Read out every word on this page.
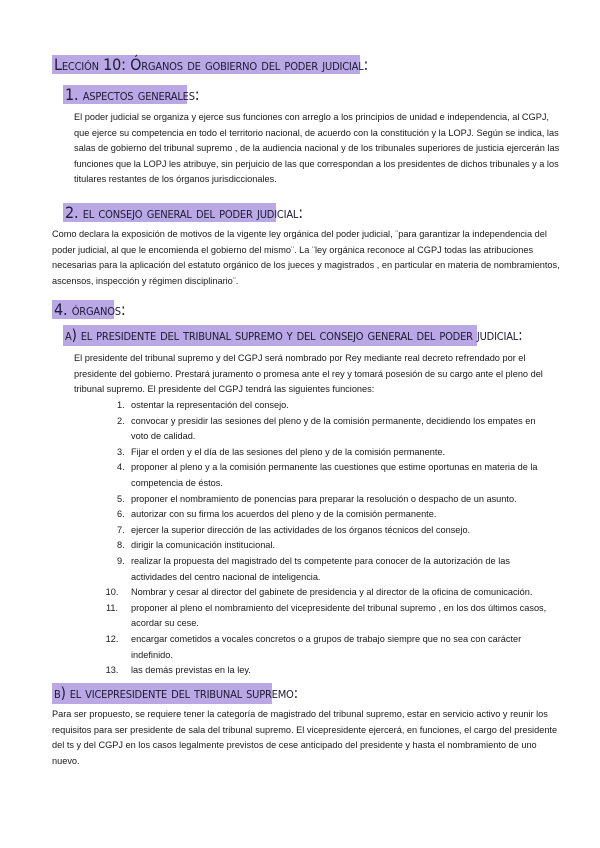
Lección 10: Órganos de gobierno del poder judicial:
1. aspectos generales:

El poder judicial se organiza y ejerce sus funciones con arreglo a los principios de unidad e independencia, al CGPJ, que ejerce su competencia en todo el territorio nacional, de acuerdo con la constitución y la LOPJ. Según se indica, las salas de gobierno del tribunal supremo , de la audiencia nacional y de los tribunales superiores de justicia ejercerán las funciones que la LOPJ les atribuye, sin perjuicio de las que correspondan a los presidentes de dichos tribunales y a los titulares restantes de los órganos jurisdiccionales.

2. el consejo general del poder judicial:

Como declara la exposición de motivos de la vigente ley orgánica del poder judicial, ¨para garantizar la independencia del poder judicial, al que le encomienda el gobierno del mismo¨. La ¨ley orgánica reconoce al CGPJ todas las atribuciones necesarias para la aplicación del estatuto orgánico de los jueces y magistrados , en particular en materia de nombramientos, ascensos, inspección y régimen disciplinario¨.

4. órganos:
a) el presidente del tribunal supremo y del consejo general del poder judicial:

El presidente del tribunal supremo y del CGPJ será nombrado por Rey mediante real decreto refrendado por el presidente del gobierno. Prestará juramento o promesa ante el rey y tomará posesión de su cargo ante el pleno del tribunal supremo. El presidente del CGPJ tendrá las siguientes funciones:

1. ostentar la representación del consejo.
2. convocar y presidir las sesiones del pleno y de la comisión permanente, decidiendo los empates en voto de calidad.
3. Fijar el orden y el día de las sesiones del pleno y de la comisión permanente.
4. proponer al pleno y a la comisión permanente las cuestiones que estime oportunas en materia de la competencia de éstos.
5. proponer el nombramiento de ponencias para preparar la resolución o despacho de un asunto.
6. autorizar con su firma los acuerdos del pleno y de la comisión permanente.
7. ejercer la superior dirección de las actividades de los órganos técnicos del consejo.
8. dirigir la comunicación institucional.
9. realizar la propuesta del magistrado del ts competente para conocer de la autorización de las actividades del centro nacional de inteligencia.
10.	Nombrar y cesar al director del gabinete de presidencia y al director de la oficina de comunicación.
11.	proponer al pleno el nombramiento del vicepresidente del tribunal supremo , en los dos últimos casos, acordar su cese.
12.	encargar cometidos a vocales concretos o a grupos de trabajo siempre que no sea con carácter indefinido.
13.	las demás previstas en la ley.
b) el vicepresidente del tribunal supremo:

Para ser propuesto, se requiere tener la categoría de magistrado del tribunal supremo, estar en servicio activo y reunir los requisitos para ser presidente de sala del tribunal supremo. El vicepresidente ejercerá, en funciones, el cargo del presidente del ts y del CGPJ en los casos legalmente previstos de cese anticipado del presidente y hasta el nombramiento de uno nuevo.
